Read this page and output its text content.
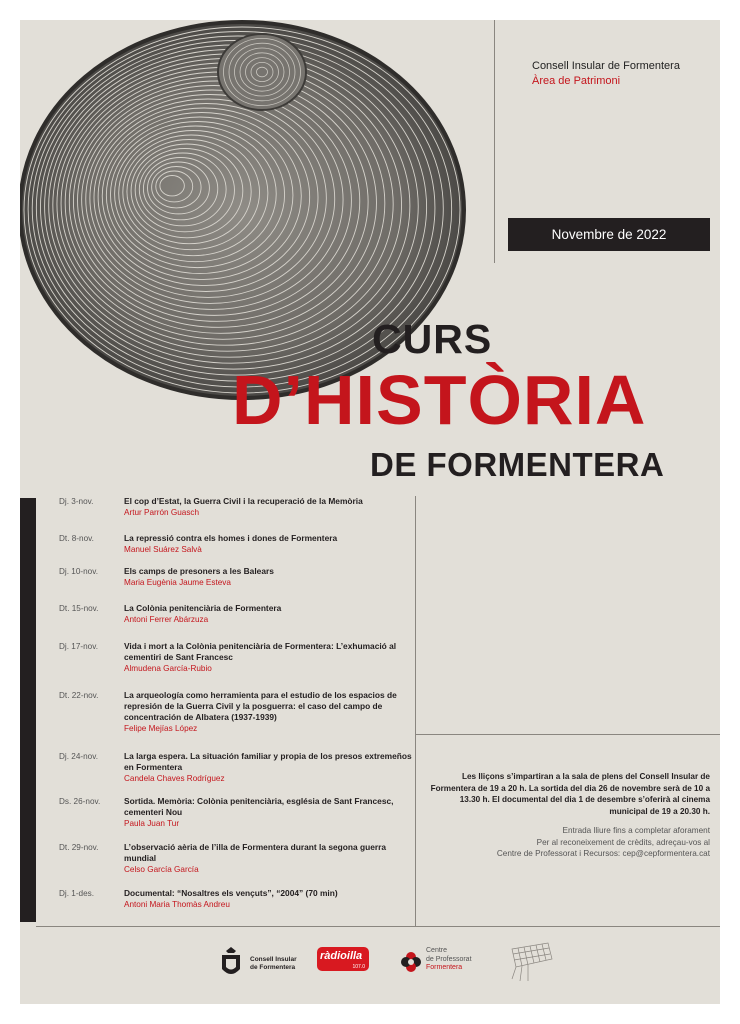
Consell Insular de Formentera
Àrea de Patrimoni
Novembre de 2022
CURS
D’HISTÒRIA
DE FORMENTERA
Dj. 3-nov.	El cop d’Estat, la Guerra Civil i la recuperació de la Memòria
Artur Parrón Guasch
Dt. 8-nov.	La repressió contra els homes i dones de Formentera
Manuel Suárez Salvà
Dj. 10-nov.	Els camps de presoners a les Balears
Maria Eugènia Jaume Esteva
Dt. 15-nov.	La Colònia penitenciària de Formentera
Antoni Ferrer Abárzuza
Dj. 17-nov.	Vida i mort a la Colònia penitenciària de Formentera: L’exhumació al cementiri de Sant Francesc
Almudena García-Rubio
Dt. 22-nov.	La arqueología como herramienta para el estudio de los espacios de represión de la Guerra Civil y la posguerra: el caso del campo de concentración de Albatera (1937-1939)
Felipe Mejías López
Dj. 24-nov.	La larga espera. La situación familiar y propia de los presos extremeños en Formentera
Candela Chaves Rodríguez
Ds. 26-nov.	Sortida. Memòria: Colònia penitenciària, església de Sant Francesc, cementeri Nou
Paula Juan Tur
Dt. 29-nov.	L’observació aèria de l’illa de Formentera durant la segona guerra mundial
Celso García García
Dj. 1-des.	Documental: “Nosaltres els vençuts”, “2004” (70 min)
Antoni Maria Thomàs Andreu
Les lliçons s’impartiran a la sala de plens del Consell Insular de Formentera de 19 a 20 h. La sortida del dia 26 de novembre serà de 10 a 13.30 h. El documental del dia 1 de desembre s’oferirà al cinema municipal de 19 a 20.30 h.
Entrada lliure fins a completar aforament
Per al reconeixement de crèdits, adreçau-vos al
Centre de Professorat i Recursos: cep@cepformentera.cat
Consell Insular
de Formentera
ràdioilla
107.0
Centre
de Professorat
Formentera
